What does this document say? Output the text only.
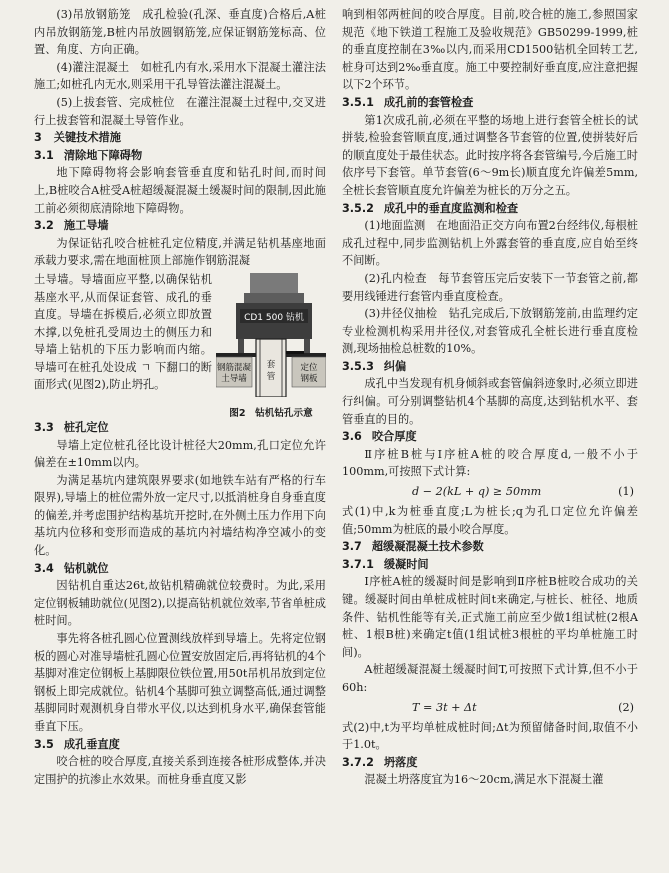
(3)吊放钢筋笼　成孔检验(孔深、垂直度)合格后,A桩内吊放钢筋笼,B桩内吊放圆钢筋笼,应保证钢筋笼标高、位置、角度、方向正确。

(4)灌注混凝土　如桩孔内有水,采用水下混凝土灌注法施工;如桩孔内无水,则采用干孔导管法灌注混凝土。

(5)上拔套管、完成桩位　在灌注混凝土过程中,交叉进行上拔套管和混凝土导管作业。

3 关键技术措施
3.1 清除地下障碍物

地下障碍物将会影响套管垂直度和钻孔时间,而时间上,B桩咬合A桩受A桩超缓凝混凝土缓凝时间的限制,因此施工前必须彻底清除地下障碍物。

3.2 施工导墙

为保证钻孔咬合桩桩孔定位精度,并满足钻机基座地面承载力要求,需在地面桩顶上部施作钢筋混凝

土导墙。导墙面应平整,以确保钻机基座水平,从而保证套管、成孔的垂直度。导墙在拆模后,必须立即放置木撑,以免桩孔受周边土的侧压力和导墙上钻机的下压力影响而内缩。导墙可在桩孔处设成 ㄱ 下翻口的断面形式(见图2),防止坍孔。

CD1 500 钻机
钢筋混凝
土导墙
套
管
定位
钢板
图2　钻机钻孔示意
3.3 桩孔定位

导墙上定位桩孔径比设计桩径大20mm,孔口定位允许偏差在±10mm以内。

为满足基坑内建筑限界要求(如地铁车站有严格的行车限界),导墙上的桩位需外放一定尺寸,以抵消桩身自身垂直度的偏差,并考虑围护结构基坑开挖时,在外侧土压力作用下向基坑内位移和变形而造成的基坑内衬墙结构净空减小的变化。

3.4 钻机就位

因钻机自重达26t,故钻机精确就位较费时。为此,采用定位钢板辅助就位(见图2),以提高钻机就位效率,节省单桩成桩时间。

事先将各桩孔圆心位置测线放样到导墙上。先将定位钢板的圆心对准导墙桩孔圆心位置安放固定后,再将钻机的4个基脚对准定位钢板上基脚限位铁位置,用50t吊机吊放到定位钢板上即完成就位。钻机4个基脚可独立调整高低,通过调整基脚同时观测机身自带水平仪,以达到机身水平,确保套管能垂直下压。

3.5 成孔垂直度

咬合桩的咬合厚度,直接关系到连接各桩形成整体,并决定围护的抗渗止水效果。而桩身垂直度又影

响到相邻两桩间的咬合厚度。目前,咬合桩的施工,参照国家规范《地下铁道工程施工及验收规范》GB50299-1999,桩的垂直度控制在3‰以内,而采用CD1500钻机全回转工艺,桩身可达到2‰垂直度。施工中要控制好垂直度,应注意把握以下2个环节。

3.5.1 成孔前的套管检查

第1次成孔前,必须在平整的场地上进行套管全桩长的试拼装,检验套管顺直度,通过调整各节套管的位置,使拼装好后的顺直度处于最佳状态。此时按序将各套管编号,今后施工时依序号下套管。单节套管(6～9m长)顺直度允许偏差5mm,全桩长套管顺直度允许偏差为桩长的万分之五。

3.5.2 成孔中的垂直度监测和检查

(1)地面监测　在地面沿正交方向布置2台经纬仪,每根桩成孔过程中,同步监测钻机上外露套管的垂直度,应自始至终不间断。

(2)孔内检查　每节套管压完后安装下一节套管之前,都要用线锤进行套管内垂直度检查。

(3)井径仪抽检　钻孔完成后,下放钢筋笼前,由监理约定专业检测机构采用井径仪,对套管成孔全桩长进行垂直度检测,现场抽检总桩数的10%。

3.5.3 纠偏

成孔中当发现有机身倾斜或套管偏斜迹象时,必须立即进行纠偏。可分别调整钻机4个基脚的高度,达到钻机水平、套管垂直的目的。

3.6 咬合厚度

Ⅱ序桩B桩与Ⅰ序桩A桩的咬合厚度d,一般不小于100mm,可按照下式计算:

d − 2(kL + q) ≥ 50mm	(1)

式(1)中,k为桩垂直度;L为桩长;q为孔口定位允许偏差值;50mm为桩底的最小咬合厚度。

3.7 超缓凝混凝土技术参数
3.7.1 缓凝时间

Ⅰ序桩A桩的缓凝时间是影响到Ⅱ序桩B桩咬合成功的关键。缓凝时间由单桩成桩时间t来确定,与桩长、桩径、地质条件、钻机性能等有关,正式施工前应至少做1组试桩(2根A桩、1根B桩)来确定t值(1组试桩3根桩的平均单桩施工时间)。

A桩超缓凝混凝土缓凝时间T,可按照下式计算,但不小于60h:

T = 3t + Δt	(2)

式(2)中,t为平均单桩成桩时间;Δt为预留储备时间,取值不小于1.0t。

3.7.2 坍落度

混凝土坍落度宜为16～20cm,满足水下混凝土灌
